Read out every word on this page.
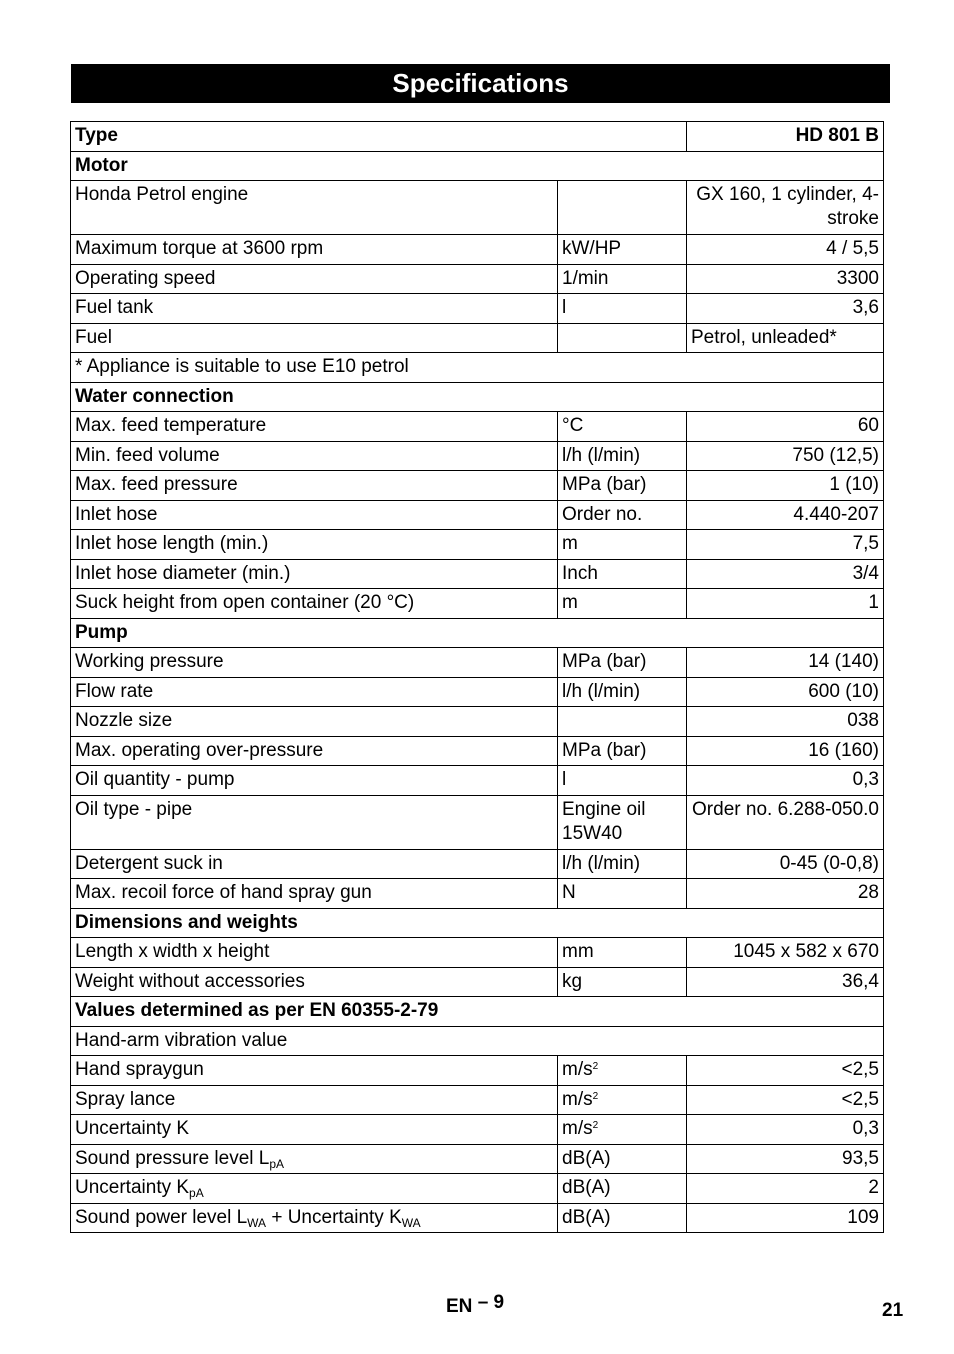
Specifications
Type		HD 801 B
Motor		
Honda Petrol engine		GX 160, 1 cylinder, 4-stroke
Maximum torque at 3600 rpm	kW/HP	4 / 5,5
Operating speed	1/min	3300
Fuel tank	l	3,6
Fuel		Petrol, unleaded*
* Appliance is suitable to use E10 petrol		
Water connection		
Max. feed temperature	°C	60
Min. feed volume	l/h (l/min)	750 (12,5)
Max. feed pressure	MPa (bar)	1 (10)
Inlet hose	Order no.	4.440-207
Inlet hose length (min.)	m	7,5
Inlet hose diameter (min.)	Inch	3/4
Suck height from open container (20 °C)	m	1
Pump		
Working pressure	MPa (bar)	14 (140)
Flow rate	l/h (l/min)	600 (10)
Nozzle size		038
Max. operating over-pressure	MPa (bar)	16 (160)
Oil quantity - pump	l	0,3
Oil type - pipe	Engine oil 15W40	Order no. 6.288-050.0
Detergent suck in	l/h (l/min)	0-45 (0-0,8)
Max. recoil force of hand spray gun	N	28
Dimensions and weights		
Length x width x height	mm	1045 x 582 x 670
Weight without accessories	kg	36,4
Values determined as per EN 60355-2-79		
Hand-arm vibration value		
Hand spraygun	$m/s^2$	<2,5
Spray lance	$m/s^2$	<2,5
Uncertainty K	$m/s^2$	0,3
Sound pressure level $L_{pA}$	dB(A)	93,5
Uncertainty $K_{pA}$	dB(A)	2
Sound power level $L_{WA}$ + Uncertainty $K_{WA}$	dB(A)	109
EN – 9	21
